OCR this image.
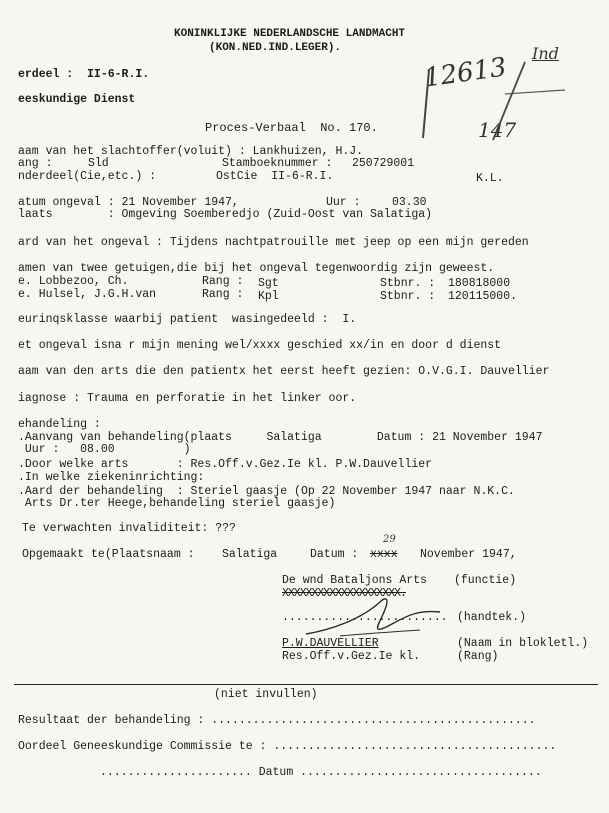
KONINKLIJKE NEDERLANDSCHE LANDMACHT
(KON.NED.IND.LEGER).
erdeel :  II-6-R.I.
eeskundige Dienst
Proces-Verbaal  No. 170.
12613 Ind
147
aam van het slachtoffer(voluit) : Lankhuizen, H.J.
ang :	Sld	Stamboeknummer : 250729001
nderdeel(Cie,etc.) :	OstCie  II-6-R.I.	K.L.
atum ongeval : 21 November 1947,	Uur :	03.30
laats        : Omgeving Soemberedjo (Zuid-Oost van Salatiga)
ard van het ongeval : Tijdens nachtpatrouille met jeep op een mijn gereden
amen van twee getuigen,die bij het ongeval tegenwoordig zijn geweest.
e. Lobbezoo, Ch.	Rang : Sgt	Stbnr. : 180818000
e. Hulsel, J.G.H.van	Rang : Kpl	Stbnr. : 120115000.
eurinqsklasse waarbij patient  wasingedeeld :  I.
et ongeval isna r mijn mening wel/xxxx geschied xx/in en door d dienst
aam van den arts die den patientx het eerst heeft gezien: O.V.G.I. Dauvellier
iagnose : Trauma en perforatie in het linker oor.
ehandeling :
.Aanvang van behandeling(plaats     Salatiga        Datum : 21 November 1947
Uur :   08.00          )
.Door welke arts       : Res.Off.v.Gez.Ie kl. P.W.Dauvellier
.In welke ziekeninrichting:
.Aard der behandeling  : Steriel gaasje (Op 22 November 1947 naar N.K.C.
Arts Dr.ter Heege,behandeling steriel gaasje)
Te verwachten invaliditeit: ???
Opgemaakt te(Plaatsnaam : Salatiga	Datum : xxxx
29
November 1947,
De wnd Bataljons Arts (functie)
XXXXXXXXXXXXXXXXXXXX.
........................ (handtek.)
P.W.DAUVELLIER	(Naam in blokletl.)
Res.Off.v.Gez.Ie kl.	(Rang)
(niet invullen)
Resultaat der behandeling : ...............................................
Oordeel Geneeskundige Commissie te : .........................................
...................... Datum ...................................
